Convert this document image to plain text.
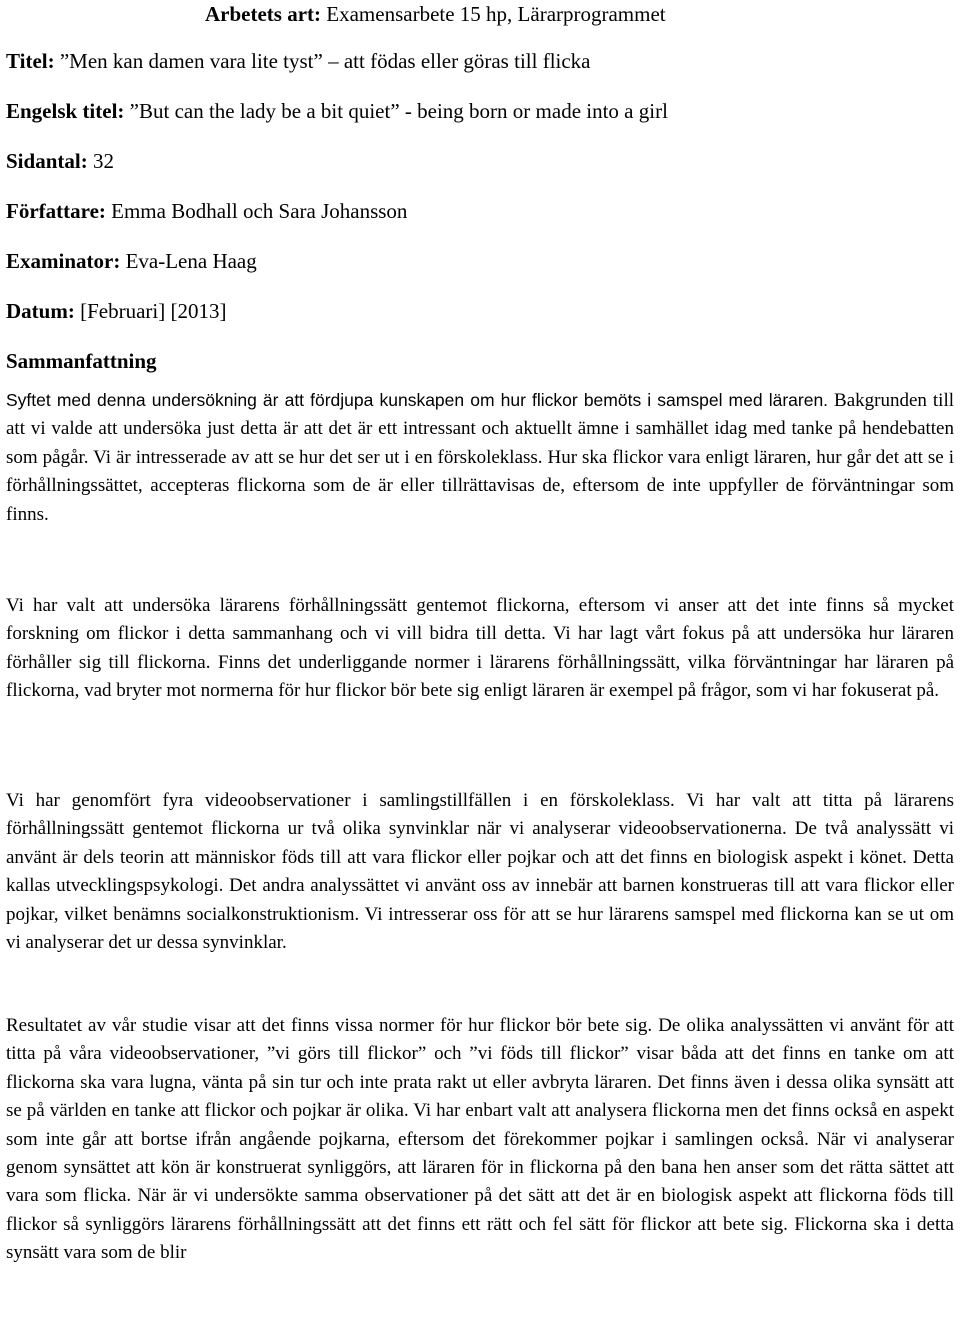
Arbetets art: Examensarbete 15 hp, Lärarprogrammet
Titel: ”Men kan damen vara lite tyst” – att födas eller göras till flicka
Engelsk titel: ”But can the lady be a bit quiet” - being born or made into a girl
Sidantal: 32
Författare: Emma Bodhall och Sara Johansson
Examinator: Eva-Lena Haag
Datum: [Februari] [2013]
Sammanfattning

Syftet med denna undersökning är att fördjupa kunskapen om hur flickor bemöts i samspel med läraren. Bakgrunden till att vi valde att undersöka just detta är att det är ett intressant och aktuellt ämne i samhället idag med tanke på hendebatten som pågår. Vi är intresserade av att se hur det ser ut i en förskoleklass. Hur ska flickor vara enligt läraren, hur går det att se i förhållningssättet, accepteras flickorna som de är eller tillrättavisas de, eftersom de inte uppfyller de förväntningar som finns.

Vi har valt att undersöka lärarens förhållningssätt gentemot flickorna, eftersom vi anser att det inte finns så mycket forskning om flickor i detta sammanhang och vi vill bidra till detta. Vi har lagt vårt fokus på att undersöka hur läraren förhåller sig till flickorna. Finns det underliggande normer i lärarens förhållningssätt, vilka förväntningar har läraren på flickorna, vad bryter mot normerna för hur flickor bör bete sig enligt läraren är exempel på frågor, som vi har fokuserat på.

Vi har genomfört fyra videoobservationer i samlingstillfällen i en förskoleklass. Vi har valt att titta på lärarens förhållningssätt gentemot flickorna ur två olika synvinklar när vi analyserar videoobservationerna. De två analyssätt vi använt är dels teorin att människor föds till att vara flickor eller pojkar och att det finns en biologisk aspekt i könet. Detta kallas utvecklingspsykologi. Det andra analyssättet vi använt oss av innebär att barnen konstrueras till att vara flickor eller pojkar, vilket benämns socialkonstruktionism. Vi intresserar oss för att se hur lärarens samspel med flickorna kan se ut om vi analyserar det ur dessa synvinklar.

Resultatet av vår studie visar att det finns vissa normer för hur flickor bör bete sig. De olika analyssätten vi använt för att titta på våra videoobservationer, ”vi görs till flickor” och ”vi föds till flickor” visar båda att det finns en tanke om att flickorna ska vara lugna, vänta på sin tur och inte prata rakt ut eller avbryta läraren. Det finns även i dessa olika synsätt att se på världen en tanke att flickor och pojkar är olika. Vi har enbart valt att analysera flickorna men det finns också en aspekt som inte går att bortse ifrån angående pojkarna, eftersom det förekommer pojkar i samlingen också. När vi analyserar genom synsättet att kön är konstruerat synliggörs, att läraren för in flickorna på den bana hen anser som det rätta sättet att vara som flicka. När är vi undersökte samma observationer på det sätt att det är en biologisk aspekt att flickorna föds till flickor så synliggörs lärarens förhållningssätt att det finns ett rätt och fel sätt för flickor att bete sig. Flickorna ska i detta synsätt vara som de blir
